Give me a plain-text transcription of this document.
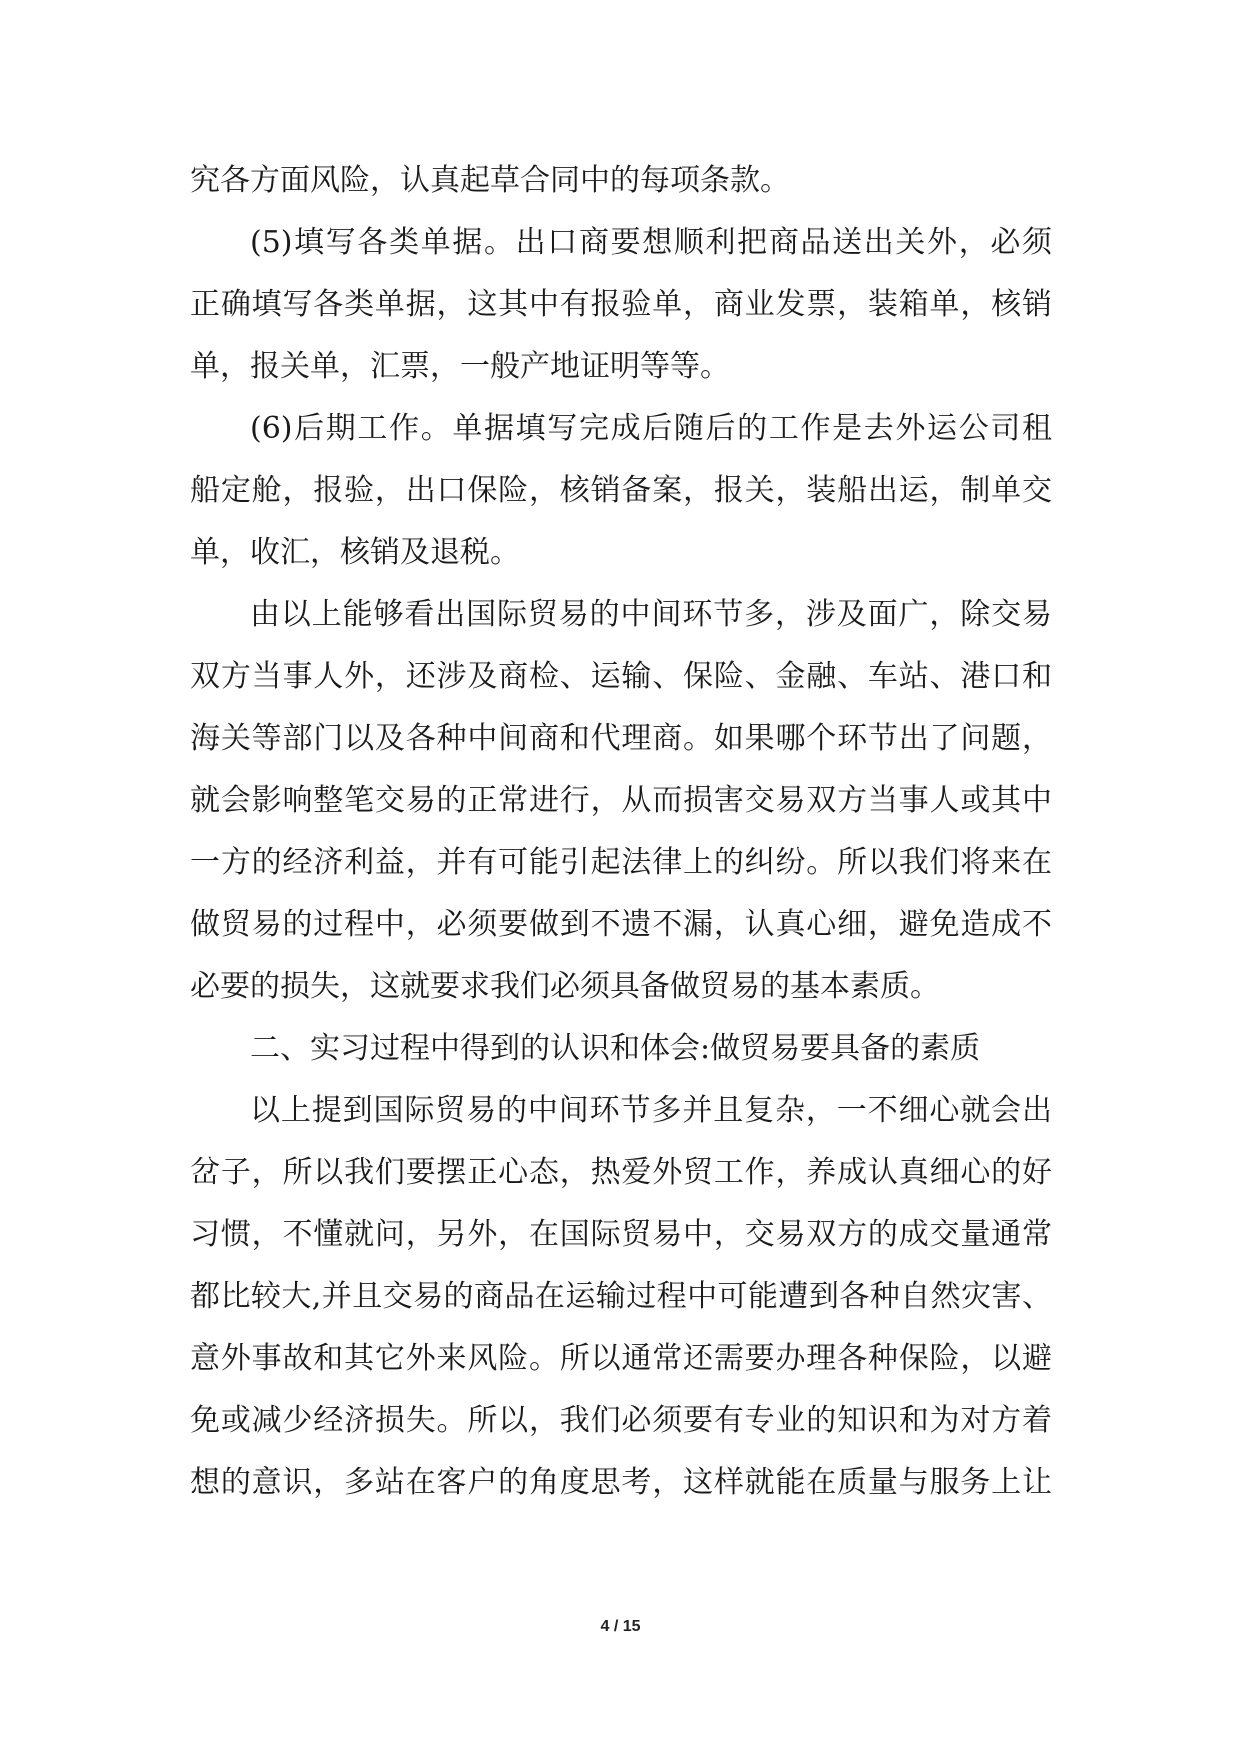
究各方面风险，认真起草合同中的每项条款。
(5)填写各类单据。出口商要想顺利把商品送出关外，必须
正确填写各类单据，这其中有报验单，商业发票，装箱单，核销
单，报关单，汇票，一般产地证明等等。
(6)后期工作。单据填写完成后随后的工作是去外运公司租
船定舱，报验，出口保险，核销备案，报关，装船出运，制单交
单，收汇，核销及退税。
由以上能够看出国际贸易的中间环节多，涉及面广，除交易
双方当事人外，还涉及商检、运输、保险、金融、车站、港口和
海关等部门以及各种中间商和代理商。如果哪个环节出了问题，
就会影响整笔交易的正常进行，从而损害交易双方当事人或其中
一方的经济利益，并有可能引起法律上的纠纷。所以我们将来在
做贸易的过程中，必须要做到不遗不漏，认真心细，避免造成不
必要的损失，这就要求我们必须具备做贸易的基本素质。
二、实习过程中得到的认识和体会:做贸易要具备的素质
以上提到国际贸易的中间环节多并且复杂，一不细心就会出
岔子，所以我们要摆正心态，热爱外贸工作，养成认真细心的好
习惯，不懂就问，另外，在国际贸易中，交易双方的成交量通常
都比较大,并且交易的商品在运输过程中可能遭到各种自然灾害、
意外事故和其它外来风险。所以通常还需要办理各种保险，以避
免或减少经济损失。所以，我们必须要有专业的知识和为对方着
想的意识，多站在客户的角度思考，这样就能在质量与服务上让
4 / 15
